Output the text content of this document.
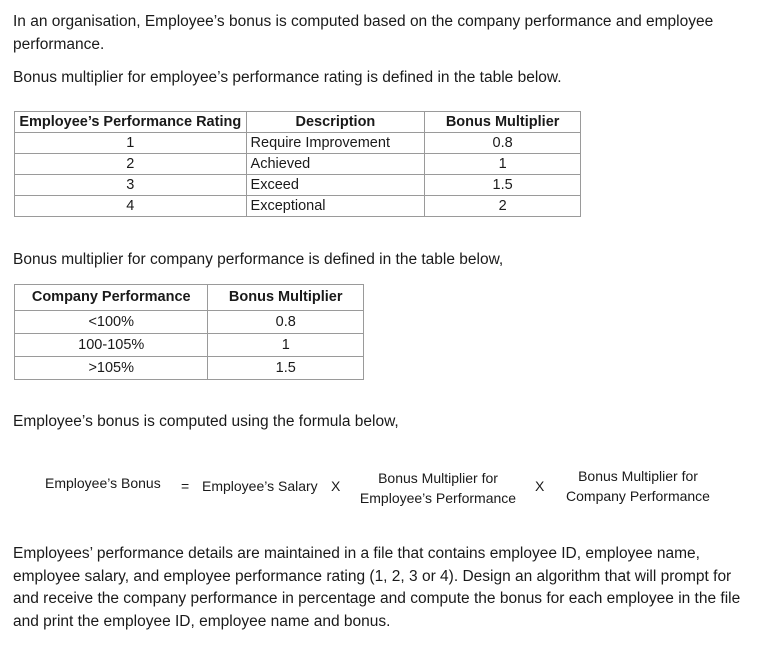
In an organisation, Employee’s bonus is computed based on the company performance and employee performance.
Bonus multiplier for employee’s performance rating is defined in the table below.
Employee’s Performance Rating	Description	Bonus Multiplier
1	Require Improvement	0.8
2	Achieved	1
3	Exceed	1.5
4	Exceptional	2
Bonus multiplier for company performance is defined in the table below,
Company Performance	Bonus Multiplier
<100%	0.8
100-105%	1
>105%	1.5
Employee’s bonus is computed using the formula below,
Employee’s Bonus = Employee’s Salary X	Bonus Multiplier for
Employee’s Performance
X
Bonus Multiplier for
Company Performance
Employees’ performance details are maintained in a file that contains employee ID, employee name, employee salary, and employee performance rating (1, 2, 3 or 4). Design an algorithm that will prompt for and receive the company performance in percentage and compute the bonus for each employee in the file and print the employee ID, employee name and bonus.
